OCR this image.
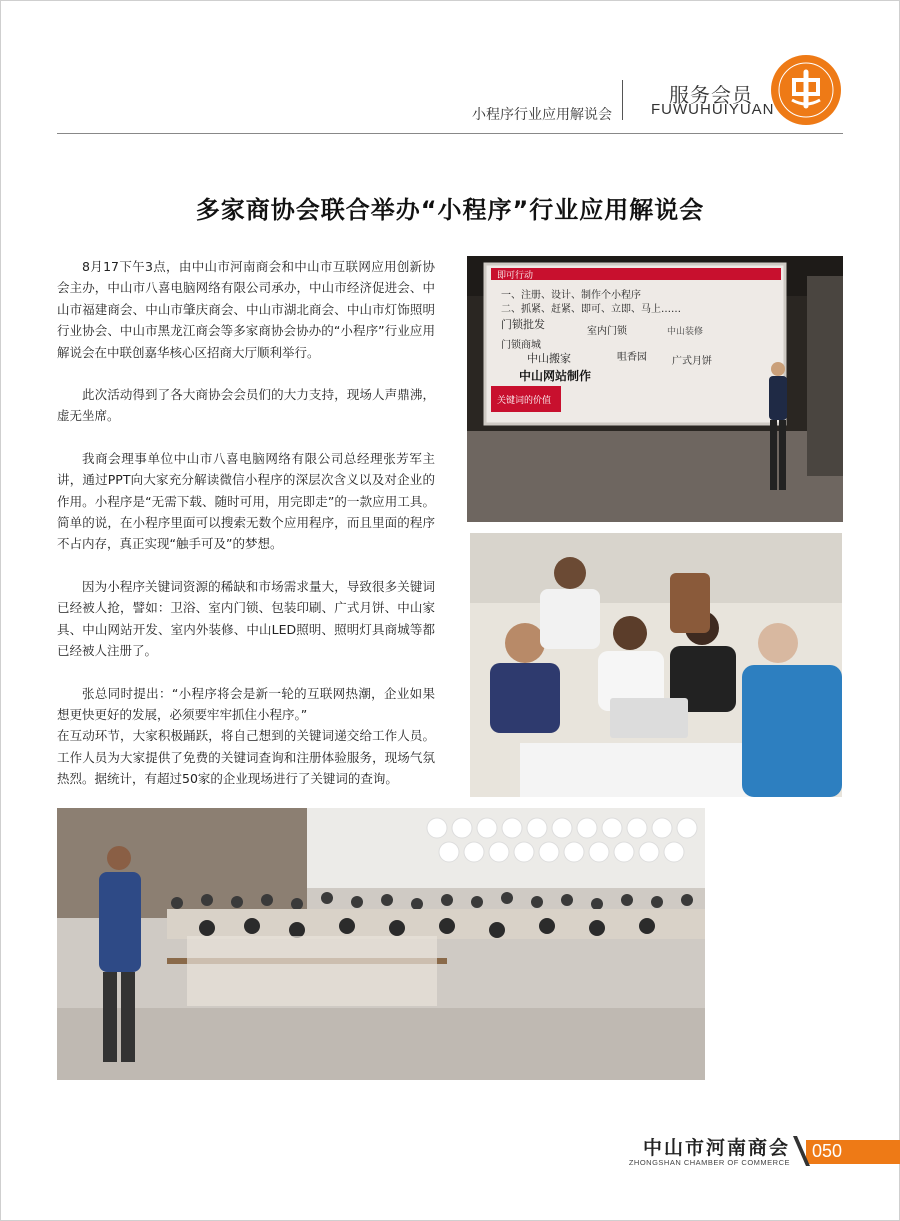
小程序行业应用解说会
服务会员
FUWUHUIYUAN
多家商协会联合举办“小程序”行业应用解说会

8月17下午3点，由中山市河南商会和中山市互联网应用创新协会主办，中山市八喜电脑网络有限公司承办，中山市经济促进会、中山市福建商会、中山市肇庆商会、中山市湖北商会、中山市灯饰照明行业协会、中山市黑龙江商会等多家商协会协办的“小程序”行业应用解说会在中联创嘉华核心区招商大厅顺利举行。

此次活动得到了各大商协会会员们的大力支持，现场人声鼎沸，虚无坐席。

我商会理事单位中山市八喜电脑网络有限公司总经理张芳军主讲，通过PPT向大家充分解读微信小程序的深层次含义以及对企业的作用。小程序是“无需下载、随时可用，用完即走”的一款应用工具。简单的说，在小程序里面可以搜索无数个应用程序，而且里面的程序不占内存，真正实现“触手可及”的梦想。

因为小程序关键词资源的稀缺和市场需求量大，导致很多关键词已经被人抢，譬如：卫浴、室内门锁、包装印刷、广式月饼、中山家具、中山网站开发、室内外装修、中山LED照明、照明灯具商城等都已经被人注册了。

张总同时提出：“小程序将会是新一轮的互联网热潮，企业如果想更快更好的发展，必须要牢牢抓住小程序。”

在互动环节，大家积极踊跃，将自己想到的关键词递交给工作人员。工作人员为大家提供了免费的关键词查询和注册体验服务，现场气氛热烈。据统计，有超过50家的企业现场进行了关键词的查询。

即可行动
一、注册、设计、制作个小程序
二、抓紧、赶紧、即可、立即、马上……
门锁批发
室内门锁	中山装修
门锁商城
中山搬家	咀香园	广式月饼
中山网站制作
关键词的价值
中山市河南商会
ZHONGSHAN CHAMBER OF COMMERCE
050
